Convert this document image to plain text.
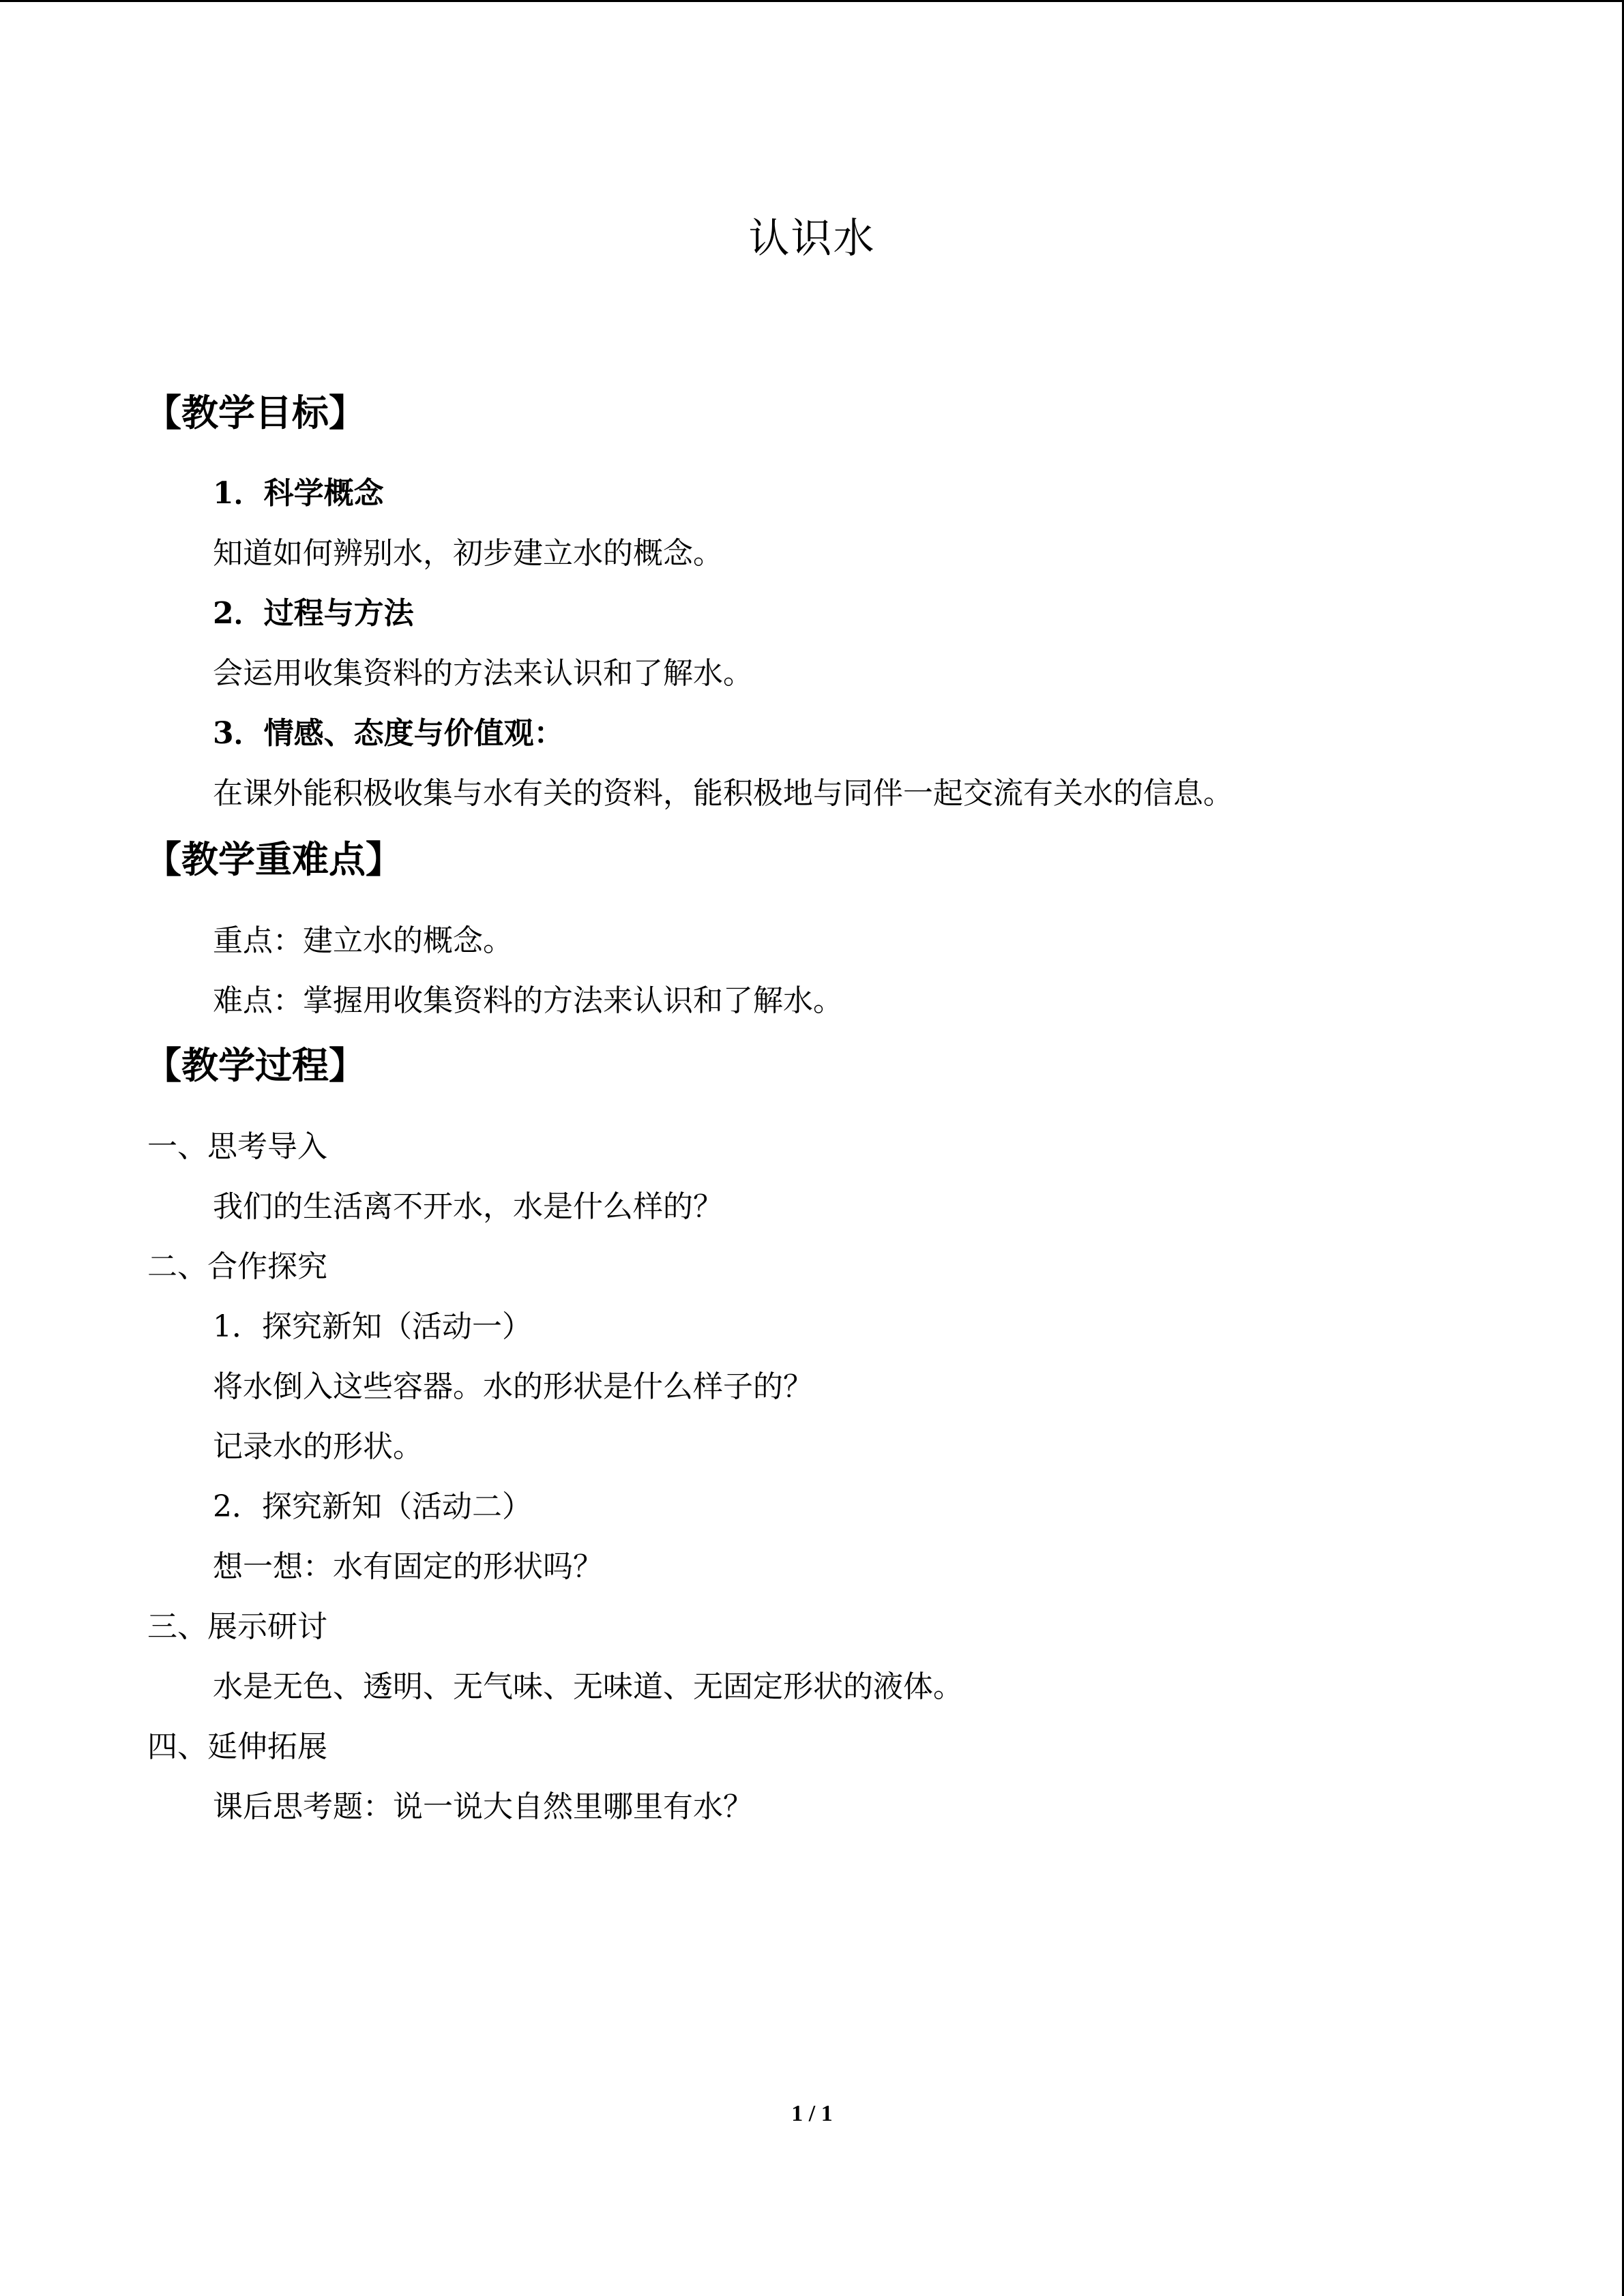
认识水
【教学目标】
1．科学概念
知道如何辨别水，初步建立水的概念。
2．过程与方法
会运用收集资料的方法来认识和了解水。
3．情感、态度与价值观：
在课外能积极收集与水有关的资料，能积极地与同伴一起交流有关水的信息。
【教学重难点】
重点：建立水的概念。
难点：掌握用收集资料的方法来认识和了解水。
【教学过程】
一、思考导入
我们的生活离不开水，水是什么样的？
二、合作探究
1．探究新知（活动一）
将水倒入这些容器。水的形状是什么样子的？
记录水的形状。
2．探究新知（活动二）
想一想：水有固定的形状吗？
三、展示研讨
水是无色、透明、无气味、无味道、无固定形状的液体。
四、延伸拓展
课后思考题：说一说大自然里哪里有水？
1 / 1
